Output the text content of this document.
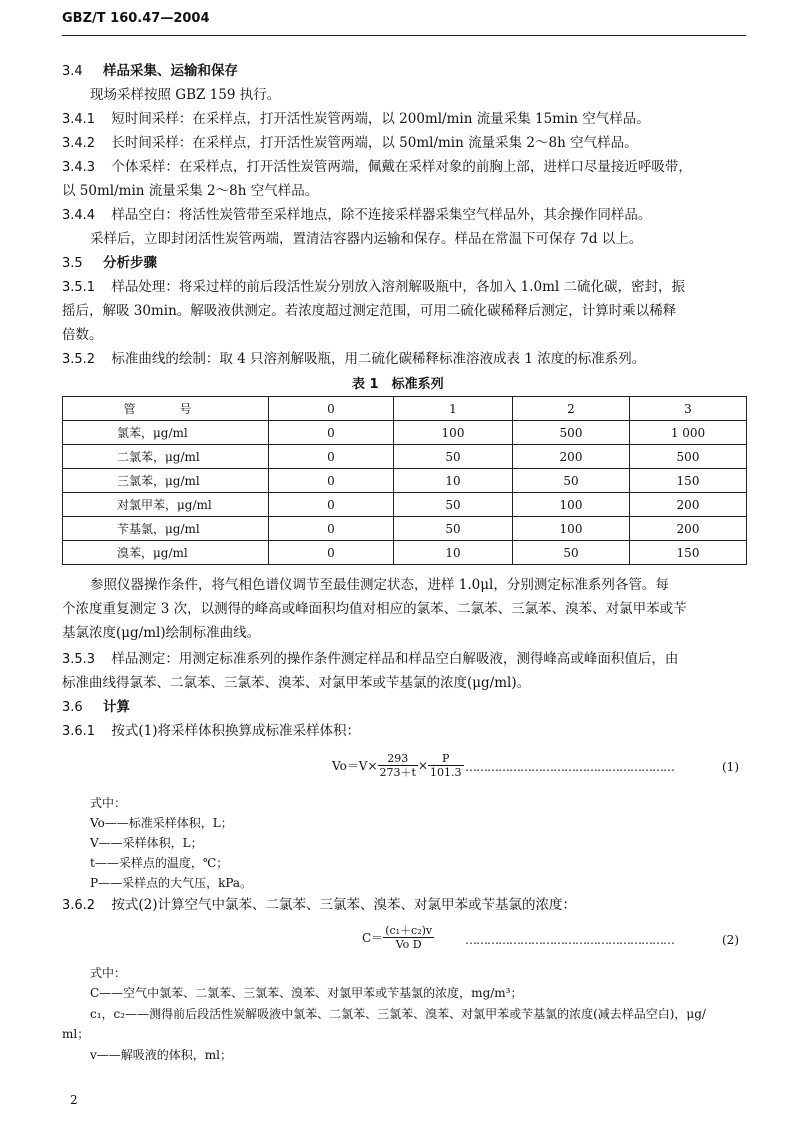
GBZ/T 160.47—2004
3.4 样品采集、运输和保存
现场采样按照 GBZ 159 执行。
3.4.1 短时间采样：在采样点，打开活性炭管两端，以 200ml/min 流量采集 15min 空气样品。
3.4.2 长时间采样：在采样点，打开活性炭管两端，以 50ml/min 流量采集 2～8h 空气样品。
3.4.3 个体采样：在采样点，打开活性炭管两端，佩戴在采样对象的前胸上部，进样口尽量接近呼吸带，
以 50ml/min 流量采集 2～8h 空气样品。
3.4.4 样品空白：将活性炭管带至采样地点，除不连接采样器采集空气样品外，其余操作同样品。
采样后，立即封闭活性炭管两端，置清洁容器内运输和保存。样品在常温下可保存 7d 以上。
3.5 分析步骤
3.5.1 样品处理：将采过样的前后段活性炭分别放入溶剂解吸瓶中，各加入 1.0ml 二硫化碳，密封，振
摇后，解吸 30min。解吸液供测定。若浓度超过测定范围，可用二硫化碳稀释后测定，计算时乘以稀释
倍数。
3.5.2 标准曲线的绘制：取 4 只溶剂解吸瓶，用二硫化碳稀释标准溶液成表 1 浓度的标准系列。
表 1　标准系列
管　号	0	1	2	3
氯苯，μg/ml	0	100	500	1 000
二氯苯，μg/ml	0	50	200	500
三氯苯，μg/ml	0	10	50	150
对氯甲苯，μg/ml	0	50	100	200
苄基氯，μg/ml	0	50	100	200
溴苯，μg/ml	0	10	50	150
参照仪器操作条件，将气相色谱仪调节至最佳测定状态，进样 1.0μl，分别测定标准系列各管。每
个浓度重复测定 3 次，以测得的峰高或峰面积均值对相应的氯苯、二氯苯、三氯苯、溴苯、对氯甲苯或苄
基氯浓度(μg/ml)绘制标准曲线。
3.5.3 样品测定：用测定标准系列的操作条件测定样品和样品空白解吸液，测得峰高或峰面积值后，由
标准曲线得氯苯、二氯苯、三氯苯、溴苯、对氯甲苯或苄基氯的浓度(μg/ml)。
3.6 计算
3.6.1 按式(1)将采样体积换算成标准采样体积：
$Vo=V\times \frac{293}{273+t} \times \frac{P}{101.3}$ …………………………………………………	(1)
式中：
Vo——标准采样体积，L；
V——采样体积，L；
t——采样点的温度，℃；
P——采样点的大气压，kPa。
3.6.2 按式(2)计算空气中氯苯、二氯苯、三氯苯、溴苯、对氯甲苯或苄基氯的浓度：
$C= \frac{\text{(c₁＋c₂)v}}{\text{Vo D}}$	…………………………………………………	(2)
式中：
C——空气中氯苯、二氯苯、三氯苯、溴苯、对氯甲苯或苄基氯的浓度，mg/m³；
c₁，c₂——测得前后段活性炭解吸液中氯苯、二氯苯、三氯苯、溴苯、对氯甲苯或苄基氯的浓度(减去样品空白)，μg/
ml；
v——解吸液的体积，ml；
2
